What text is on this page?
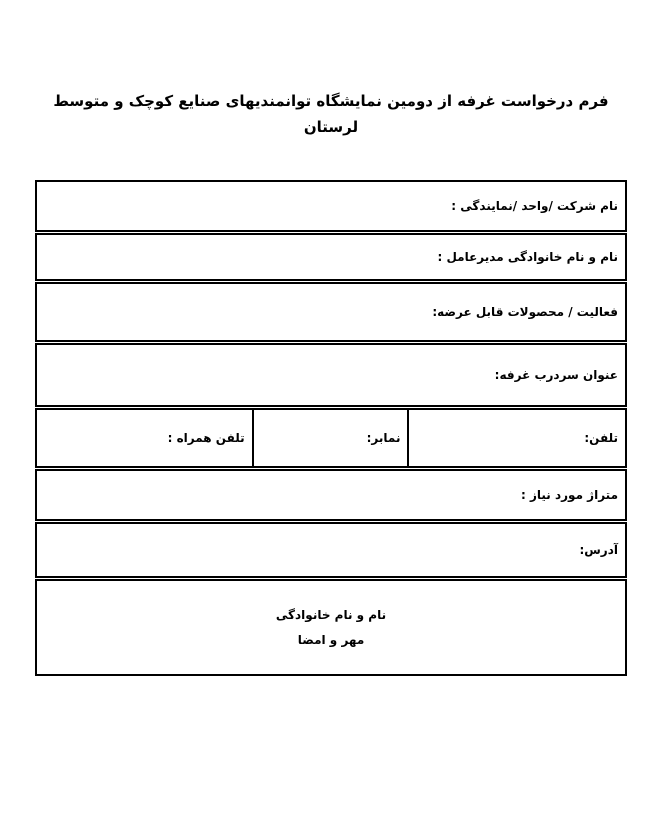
فرم درخواست غرفه از دومین نمایشگاه توانمندیهای صنایع کوچک و متوسط لرستان
نام شرکت /واحد /نمایندگی :
نام و نام خانوادگی مدیرعامل :
فعالیت / محصولات قابل عرضه:
عنوان سردرب غرفه:
تلفن:
نمابر:
تلفن همراه :
متراژ مورد نیاز :
آدرس:
نام و نام خانوادگی
مهر و امضا
